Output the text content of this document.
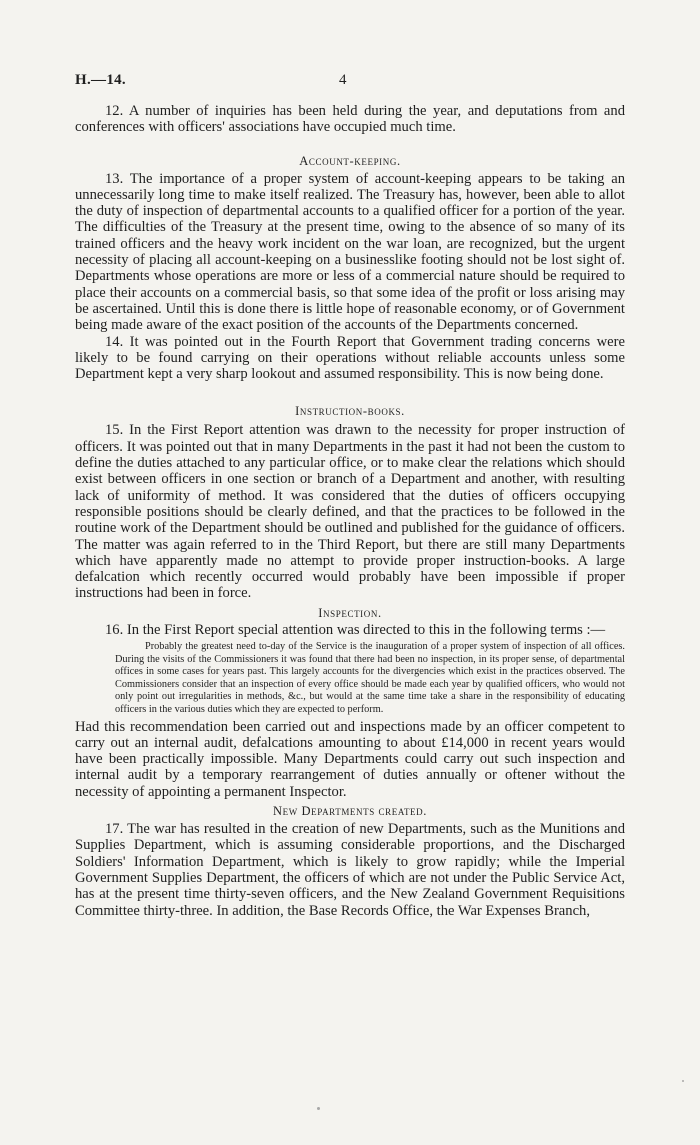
H.—14.	4

12. A number of inquiries has been held during the year, and deputations from and conferences with officers' associations have occupied much time.

Account-keeping.

13. The importance of a proper system of account-keeping appears to be taking an unnecessarily long time to make itself realized. The Treasury has, however, been able to allot the duty of inspection of departmental accounts to a qualified officer for a portion of the year. The difficulties of the Treasury at the present time, owing to the absence of so many of its trained officers and the heavy work incident on the war loan, are recognized, but the urgent necessity of placing all account-keeping on a businesslike footing should not be lost sight of. Departments whose operations are more or less of a commercial nature should be required to place their accounts on a commercial basis, so that some idea of the profit or loss arising may be ascertained. Until this is done there is little hope of reasonable economy, or of Government being made aware of the exact position of the accounts of the Departments concerned.

14. It was pointed out in the Fourth Report that Government trading concerns were likely to be found carrying on their operations without reliable accounts unless some Department kept a very sharp lookout and assumed responsibility. This is now being done.

Instruction-books.

15. In the First Report attention was drawn to the necessity for proper instruction of officers. It was pointed out that in many Departments in the past it had not been the custom to define the duties attached to any particular office, or to make clear the relations which should exist between officers in one section or branch of a Department and another, with resulting lack of uniformity of method. It was considered that the duties of officers occupying responsible positions should be clearly defined, and that the practices to be followed in the routine work of the Department should be outlined and published for the guidance of officers. The matter was again referred to in the Third Report, but there are still many Departments which have apparently made no attempt to provide proper instruction-books. A large defalcation which recently occurred would probably have been impossible if proper instructions had been in force.

Inspection.

16. In the First Report special attention was directed to this in the following terms :—

Probably the greatest need to-day of the Service is the inauguration of a proper system of inspection of all offices. During the visits of the Commissioners it was found that there had been no inspection, in its proper sense, of departmental offices in some cases for years past. This largely accounts for the divergencies which exist in the practices observed. The Commissioners consider that an inspection of every office should be made each year by qualified officers, who would not only point out irregularities in methods, &c., but would at the same time take a share in the responsibility of educating officers in the various duties which they are expected to perform.

Had this recommendation been carried out and inspections made by an officer competent to carry out an internal audit, defalcations amounting to about £14,000 in recent years would have been practically impossible. Many Departments could carry out such inspection and internal audit by a temporary rearrangement of duties annually or oftener without the necessity of appointing a permanent Inspector.

New Departments created.

17. The war has resulted in the creation of new Departments, such as the Munitions and Supplies Department, which is assuming considerable proportions, and the Discharged Soldiers' Information Department, which is likely to grow rapidly; while the Imperial Government Supplies Department, the officers of which are not under the Public Service Act, has at the present time thirty-seven officers, and the New Zealand Government Requisitions Committee thirty-three. In addition, the Base Records Office, the War Expenses Branch,
